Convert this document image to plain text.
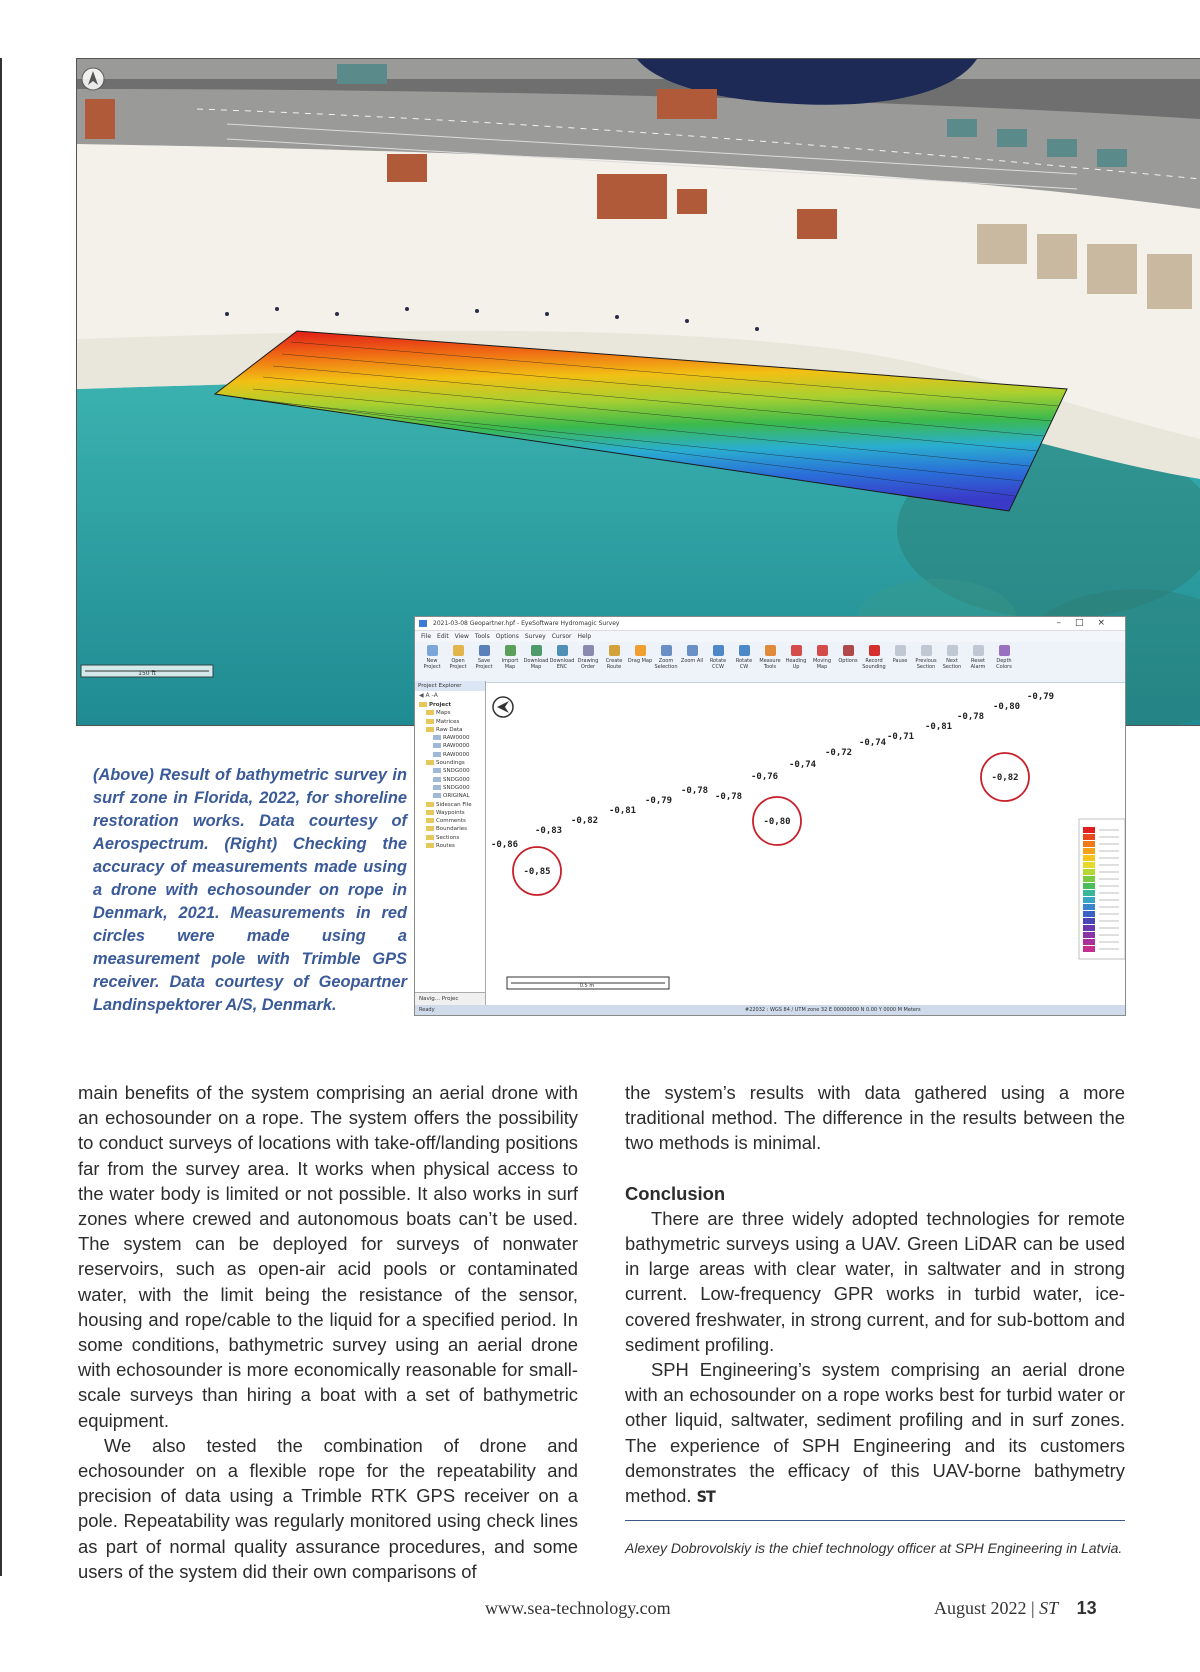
150 ft
2021-03-08 Geopartner.hpf - EyeSoftware Hydromagic Survey	–□×
File Edit View Tools Options Survey Cursor Help
New Project
Open Project
Save Project
Import Map
Download Map
Download ENC
Drawing Order
Create Route
Drag Map	Zoom Selection
Zoom All	Rotate CCW
Rotate CW
Measure Tools
Heading Up
Moving Map
Options	Record Sounding
Pause	Previous Section
Next Section
Reset Alarm
Depth Colors
Project Explorer
◀ A ‑A
Project
Maps
Matrices
Raw Data
RAW0000
RAW0000
RAW0000
Soundings
SNDG000
SNDG000
SNDG000
ORIGINAL
Sidescan File
Waypoints
Comments
Boundaries
Sections
Routes
Navig... Projec
-0,86
-0,83
-0,82
-0,81
-0,79
-0,78
-0,78
-0,76
-0,74
-0,72
-0,74
-0,71
-0,81
-0,78
-0,80
-0,79
-0,85
-0,80
-0,82
0.5 m
Ready	#22032 : WGS 84 / UTM zone 32 E 00000000 N 0.00 Y 0000 M Meters
(Above) Result of bathymetric survey in surf zone in Florida, 2022, for shoreline restoration works. Data courtesy of Aerospectrum. (Right) Checking the accuracy of measurements made using a drone with echosounder on rope in Denmark, 2021. Measurements in red circles were made using a measurement pole with Trimble GPS receiver. Data courtesy of Geopartner Landinspektorer A/S, Denmark.

main benefits of the system comprising an aerial drone with an echosounder on a rope. The system offers the possibility to conduct surveys of locations with take-off/landing positions far from the survey area. It works when physical access to the water body is limited or not possible. It also works in surf zones where crewed and autonomous boats can’t be used. The system can be deployed for surveys of nonwater reservoirs, such as open-air acid pools or contaminated water, with the limit being the resistance of the sensor, housing and rope/cable to the liquid for a specified period. In some conditions, bathymetric survey using an aerial drone with echosounder is more economically reasonable for small-scale surveys than hiring a boat with a set of bathymetric equipment.

We also tested the combination of drone and echosounder on a flexible rope for the repeatability and precision of data using a Trimble RTK GPS receiver on a pole. Repeatability was regularly monitored using check lines as part of normal quality assurance procedures, and some users of the system did their own comparisons of

the system’s results with data gathered using a more traditional method. The difference in the results between the two methods is minimal.

Conclusion

There are three widely adopted technologies for remote bathymetric surveys using a UAV. Green LiDAR can be used in large areas with clear water, in saltwater and in strong current. Low-frequency GPR works in turbid water, ice-covered freshwater, in strong current, and for sub-bottom and sediment profiling.

SPH Engineering’s system comprising an aerial drone with an echosounder on a rope works best for turbid water or other liquid, saltwater, sediment profiling and in surf zones. The experience of SPH Engineering and its customers demonstrates the efficacy of this UAV-borne bathymetry method. ST

Alexey Dobrovolskiy is the chief technology officer at SPH Engineering in Latvia.
www.sea-technology.com	August 2022 | ST 13
